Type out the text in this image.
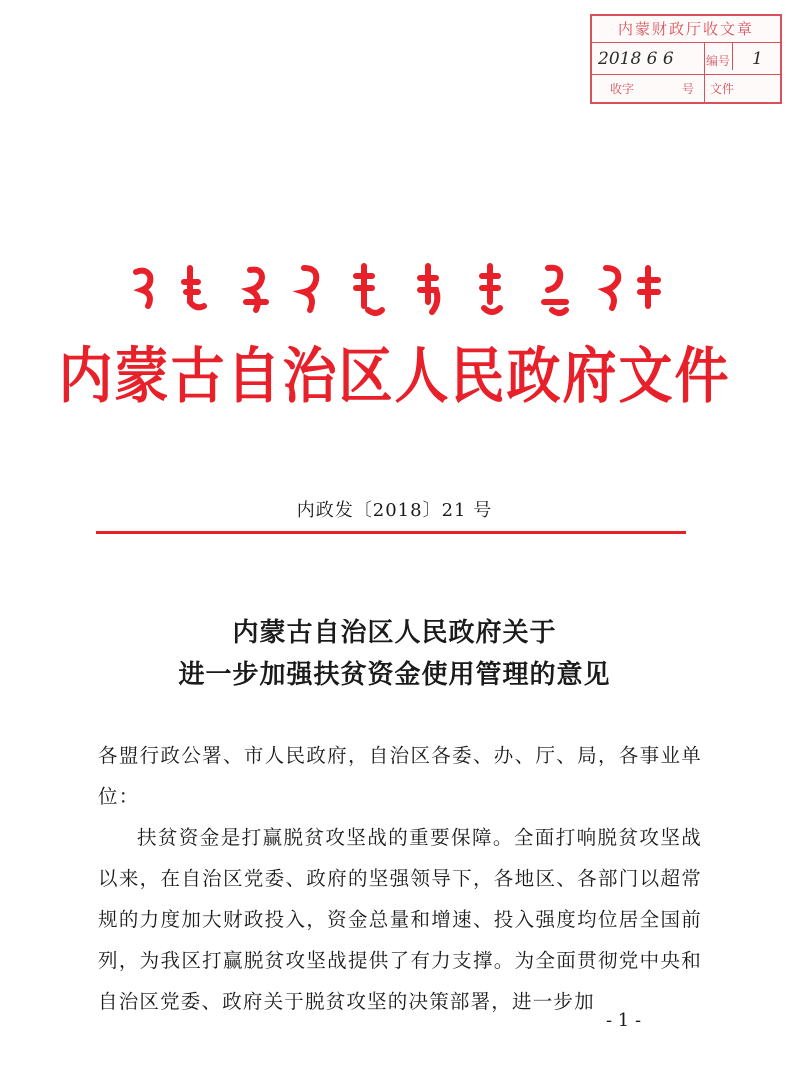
内蒙财政厅收文章
2018 6 6	编号 1
收字	号 文件
内蒙古自治区人民政府文件
内政发〔2018〕21 号
内蒙古自治区人民政府关于
进一步加强扶贫资金使用管理的意见
各盟行政公署、市人民政府，自治区各委、办、厅、局，各事业单位：
扶贫资金是打赢脱贫攻坚战的重要保障。全面打响脱贫攻坚战以来，在自治区党委、政府的坚强领导下，各地区、各部门以超常规的力度加大财政投入，资金总量和增速、投入强度均位居全国前列，为我区打赢脱贫攻坚战提供了有力支撑。为全面贯彻党中央和自治区党委、政府关于脱贫攻坚的决策部署，进一步加
- 1 -
